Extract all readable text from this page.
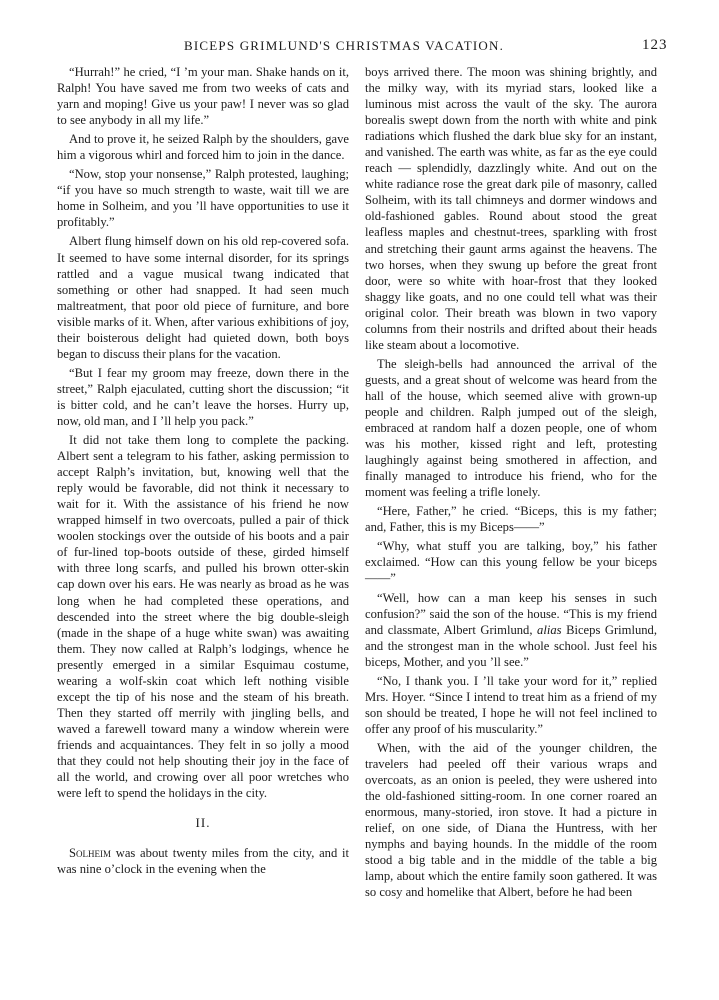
BICEPS GRIMLUND'S CHRISTMAS VACATION.	123

“Hurrah!” he cried, “I ’m your man. Shake hands on it, Ralph! You have saved me from two weeks of cats and yarn and moping! Give us your paw! I never was so glad to see anybody in all my life.”

And to prove it, he seized Ralph by the shoulders, gave him a vigorous whirl and forced him to join in the dance.

“Now, stop your nonsense,” Ralph protested, laughing; “if you have so much strength to waste, wait till we are home in Solheim, and you ’ll have opportunities to use it profitably.”

Albert flung himself down on his old rep-covered sofa. It seemed to have some internal disorder, for its springs rattled and a vague musical twang indicated that something or other had snapped. It had seen much maltreatment, that poor old piece of furniture, and bore visible marks of it. When, after various exhibitions of joy, their boisterous delight had quieted down, both boys began to discuss their plans for the vacation.

“But I fear my groom may freeze, down there in the street,” Ralph ejaculated, cutting short the discussion; “it is bitter cold, and he can’t leave the horses. Hurry up, now, old man, and I ’ll help you pack.”

It did not take them long to complete the packing. Albert sent a telegram to his father, asking permission to accept Ralph’s invitation, but, knowing well that the reply would be favorable, did not think it necessary to wait for it. With the assistance of his friend he now wrapped himself in two overcoats, pulled a pair of thick woolen stockings over the outside of his boots and a pair of fur-lined top-boots outside of these, girded himself with three long scarfs, and pulled his brown otter-skin cap down over his ears. He was nearly as broad as he was long when he had completed these operations, and descended into the street where the big double-sleigh (made in the shape of a huge white swan) was awaiting them. They now called at Ralph’s lodgings, whence he presently emerged in a similar Esquimau costume, wearing a wolf-skin coat which left nothing visible except the tip of his nose and the steam of his breath. Then they started off merrily with jingling bells, and waved a farewell toward many a window wherein were friends and acquaintances. They felt in so jolly a mood that they could not help shouting their joy in the face of all the world, and crowing over all poor wretches who were left to spend the holidays in the city.

II.

Solheim was about twenty miles from the city, and it was nine o’clock in the evening when the

boys arrived there. The moon was shining brightly, and the milky way, with its myriad stars, looked like a luminous mist across the vault of the sky. The aurora borealis swept down from the north with white and pink radiations which flushed the dark blue sky for an instant, and vanished. The earth was white, as far as the eye could reach — splendidly, dazzlingly white. And out on the white radiance rose the great dark pile of masonry, called Solheim, with its tall chimneys and dormer windows and old-fashioned gables. Round about stood the great leafless maples and chestnut-trees, sparkling with frost and stretching their gaunt arms against the heavens. The two horses, when they swung up before the great front door, were so white with hoar-frost that they looked shaggy like goats, and no one could tell what was their original color. Their breath was blown in two vapory columns from their nostrils and drifted about their heads like steam about a locomotive.

The sleigh-bells had announced the arrival of the guests, and a great shout of welcome was heard from the hall of the house, which seemed alive with grown-up people and children. Ralph jumped out of the sleigh, embraced at random half a dozen people, one of whom was his mother, kissed right and left, protesting laughingly against being smothered in affection, and finally managed to introduce his friend, who for the moment was feeling a trifle lonely.

“Here, Father,” he cried. “Biceps, this is my father; and, Father, this is my Biceps——”

“Why, what stuff you are talking, boy,” his father exclaimed. “How can this young fellow be your biceps——”

“Well, how can a man keep his senses in such confusion?” said the son of the house. “This is my friend and classmate, Albert Grimlund, alias Biceps Grimlund, and the strongest man in the whole school. Just feel his biceps, Mother, and you ’ll see.”

“No, I thank you. I ’ll take your word for it,” replied Mrs. Hoyer. “Since I intend to treat him as a friend of my son should be treated, I hope he will not feel inclined to offer any proof of his muscularity.”

When, with the aid of the younger children, the travelers had peeled off their various wraps and overcoats, as an onion is peeled, they were ushered into the old-fashioned sitting-room. In one corner roared an enormous, many-storied, iron stove. It had a picture in relief, on one side, of Diana the Huntress, with her nymphs and baying hounds. In the middle of the room stood a big table and in the middle of the table a big lamp, about which the entire family soon gathered. It was so cosy and homelike that Albert, before he had been
